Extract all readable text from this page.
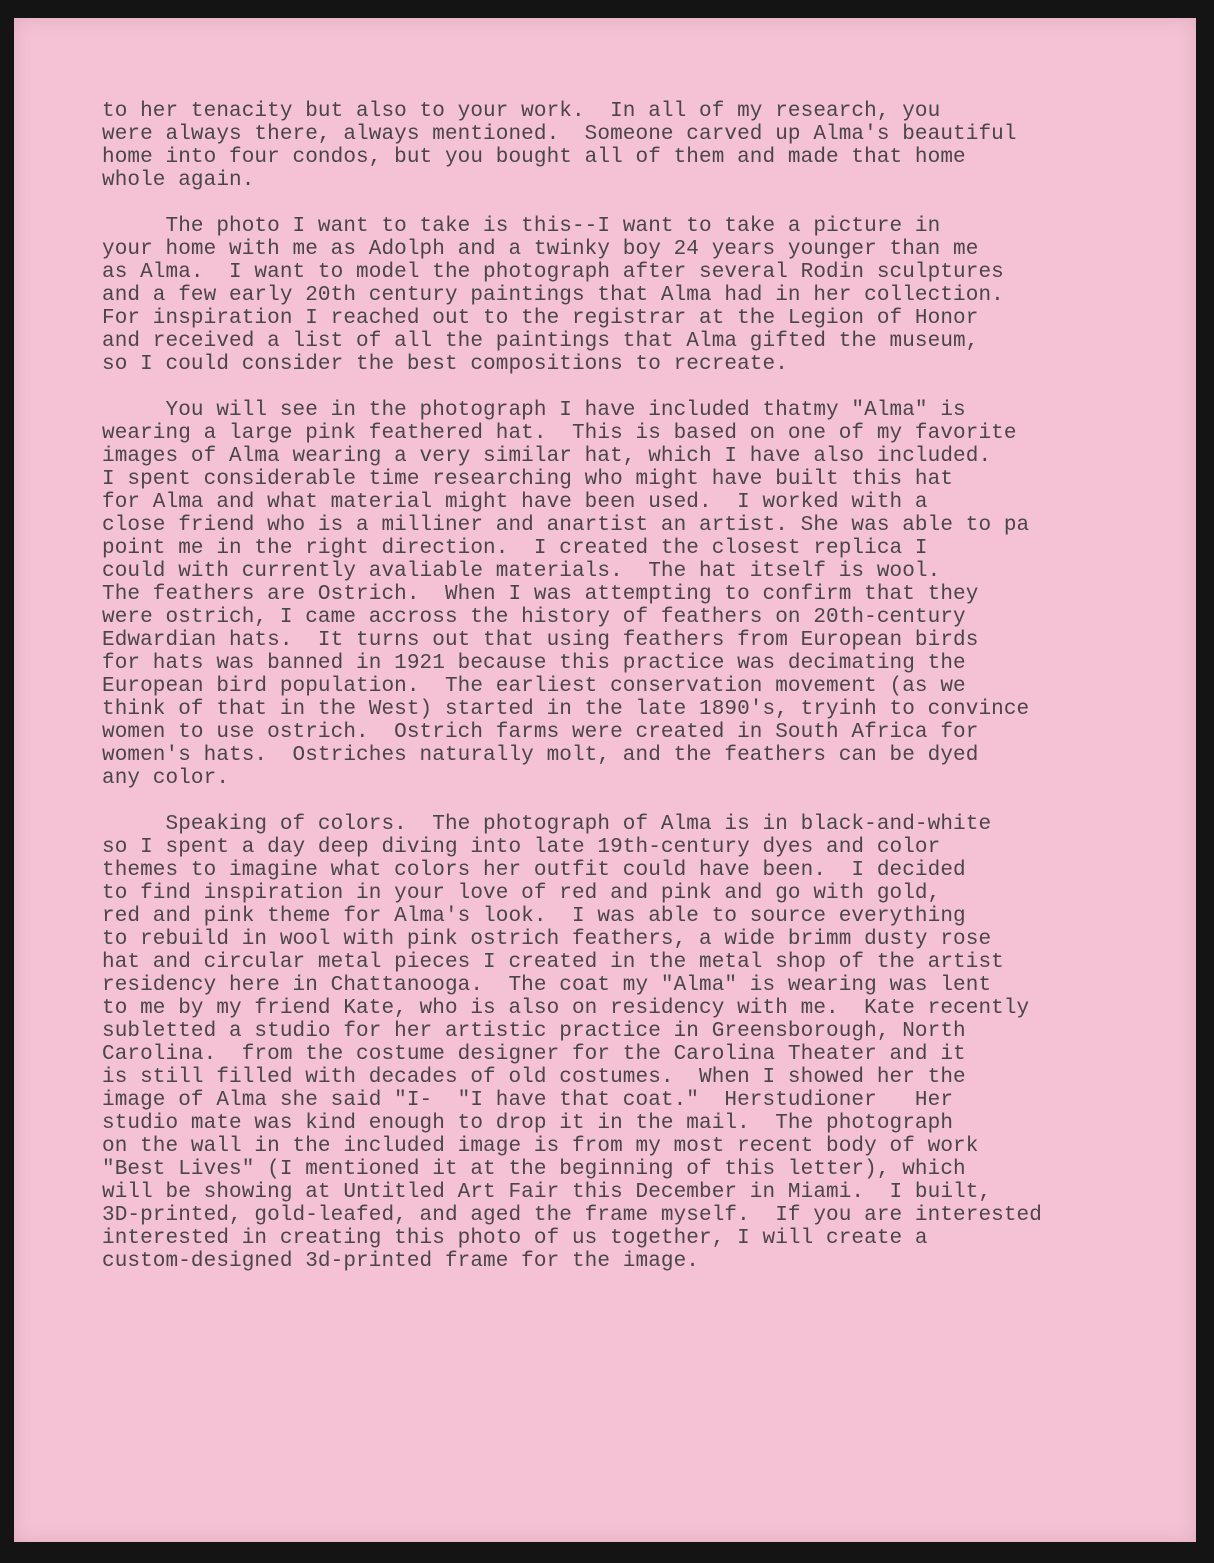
to her tenacity but also to your work.  In all of my research, you
were always there, always mentioned.  Someone carved up Alma's beautiful
home into four condos, but you bought all of them and made that home
whole again.
The photo I want to take is this--I want to take a picture in
your home with me as Adolph and a twinky boy 24 years younger than me
as Alma.  I want to model the photograph after several Rodin sculptures
and a few early 20th century paintings that Alma had in her collection.
For inspiration I reached out to the registrar at the Legion of Honor
and received a list of all the paintings that Alma gifted the museum,
so I could consider the best compositions to recreate.
You will see in the photograph I have included thatmy "Alma" is
wearing a large pink feathered hat.  This is based on one of my favorite
images of Alma wearing a very similar hat, which I have also included.
I spent considerable time researching who might have built this hat
for Alma and what material might have been used.  I worked with a
close friend who is a milliner and anartist an artist. She was able to pa
point me in the right direction.  I created the closest replica I
could with currently avaliable materials.  The hat itself is wool.
The feathers are Ostrich.  When I was attempting to confirm that they
were ostrich, I came accross the history of feathers on 20th-century
Edwardian hats.  It turns out that using feathers from European birds
for hats was banned in 1921 because this practice was decimating the
European bird population.  The earliest conservation movement (as we
think of that in the West) started in the late 1890's, tryinh to convince
women to use ostrich.  Ostrich farms were created in South Africa for
women's hats.  Ostriches naturally molt, and the feathers can be dyed
any color.
Speaking of colors.  The photograph of Alma is in black-and-white
so I spent a day deep diving into late 19th-century dyes and color
themes to imagine what colors her outfit could have been.  I decided
to find inspiration in your love of red and pink and go with gold,
red and pink theme for Alma's look.  I was able to source everything
to rebuild in wool with pink ostrich feathers, a wide brimm dusty rose
hat and circular metal pieces I created in the metal shop of the artist
residency here in Chattanooga.  The coat my "Alma" is wearing was lent
to me by my friend Kate, who is also on residency with me.  Kate recently
subletted a studio for her artistic practice in Greensborough, North
Carolina.  from the costume designer for the Carolina Theater and it
is still filled with decades of old costumes.  When I showed her the
image of Alma she said "I-  "I have that coat."  Herstudioner   Her
studio mate was kind enough to drop it in the mail.  The photograph
on the wall in the included image is from my most recent body of work
"Best Lives" (I mentioned it at the beginning of this letter), which
will be showing at Untitled Art Fair this December in Miami.  I built,
3D-printed, gold-leafed, and aged the frame myself.  If you are interested
interested in creating this photo of us together, I will create a
custom-designed 3d-printed frame for the image.
